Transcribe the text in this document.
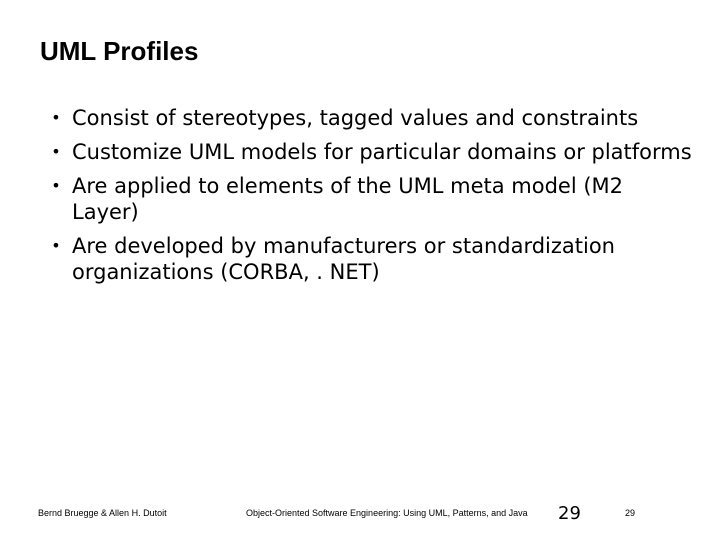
UML Profiles
• Consist of stereotypes, tagged values and constraints
• Customize UML models for particular domains or platforms
• Are applied to elements of the UML meta model (M2 Layer)
• Are developed by manufacturers or standardization organizations (CORBA, . NET)
Bernd Bruegge & Allen H. Dutoit	Object-Oriented Software Engineering: Using UML, Patterns, and Java 29	29
